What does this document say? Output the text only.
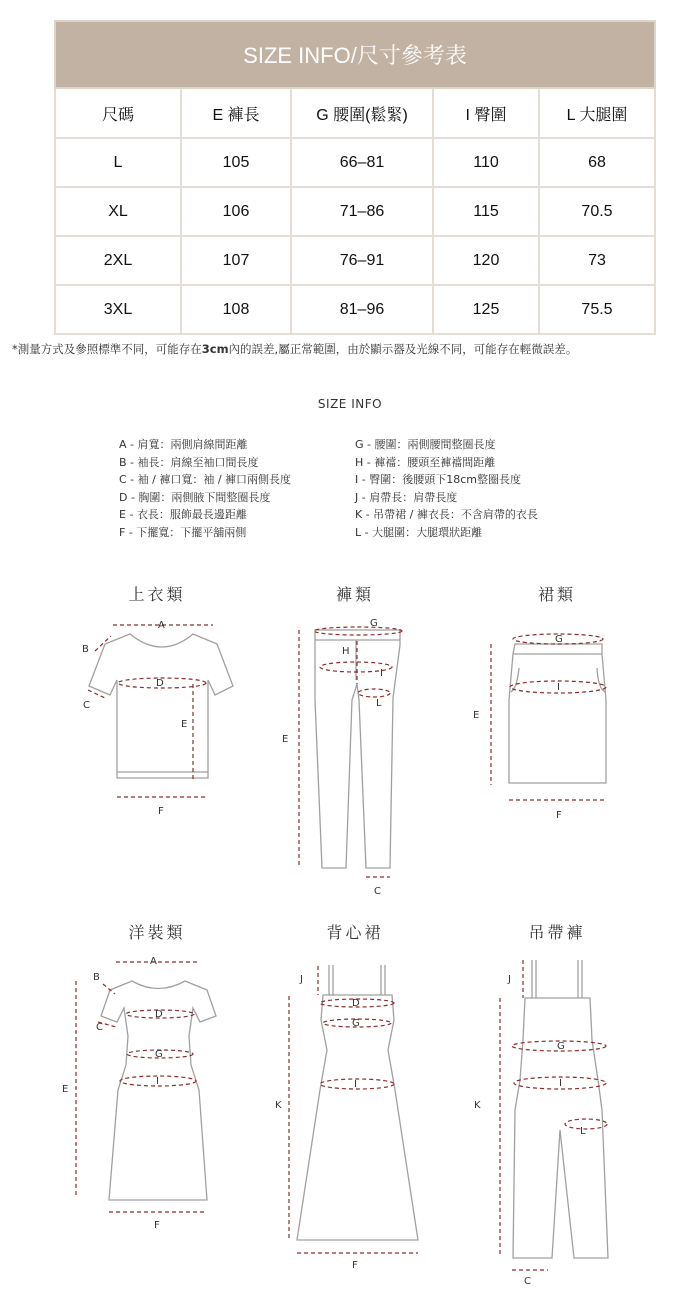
SIZE INFO/尺寸參考表				
尺碼	E 褲長	G 腰圍(鬆緊)	I 臀圍	L 大腿圍
L	105	66–81	110	68
XL	106	71–86	115	70.5
2XL	107	76–91	120	73
3XL	108	81–96	125	75.5
*測量方式及參照標準不同，可能存在3cm內的誤差,屬正常範圍，由於顯示器及光線不同，可能存在輕微誤差。
SIZE INFO
A - 肩寬：兩側肩線間距離
B - 袖長：肩線至袖口間長度
C - 袖 / 褲口寬：袖 / 褲口兩側長度
D - 胸圍：兩側腋下間整圈長度
E - 衣長：服飾最長邊距離
F - 下擺寬：下擺平舖兩側
G - 腰圍：兩側腰間整圈長度
H - 褲襠：腰頭至褲襠間距離
I - 臀圍：後腰頭下18cm整圈長度
J - 肩帶長：肩帶長度
K - 吊帶裙 / 褲衣長：不含肩帶的衣長
L - 大腿圍：大腿環狀距離
上衣類	褲類	裙類
洋裝類	背心裙	吊帶褲
A
B
C
D
E
F
G
H
I
L
E
C
G
I
E
F
A
B
C
D
G
I
E
F
J
D
G
I
K
F
J
G
I
L
K
C
